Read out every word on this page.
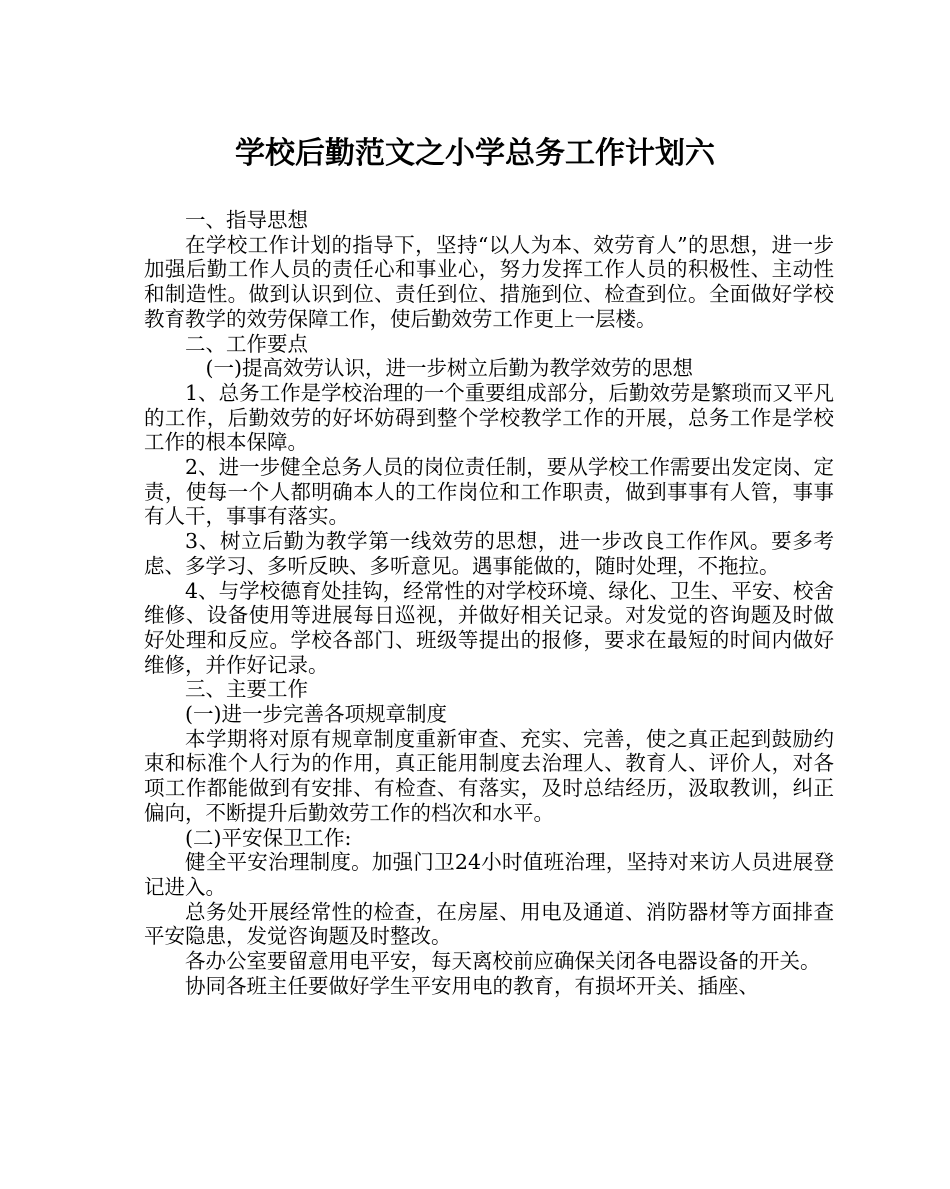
学校后勤范文之小学总务工作计划六

一、指导思想

在学校工作计划的指导下，坚持“以人为本、效劳育人”的思想，进一步加强后勤工作人员的责任心和事业心，努力发挥工作人员的积极性、主动性和制造性。做到认识到位、责任到位、措施到位、检查到位。全面做好学校教育教学的效劳保障工作，使后勤效劳工作更上一层楼。

二、工作要点

(一)提高效劳认识，进一步树立后勤为教学效劳的思想

1、总务工作是学校治理的一个重要组成部分，后勤效劳是繁琐而又平凡的工作，后勤效劳的好坏妨碍到整个学校教学工作的开展，总务工作是学校工作的根本保障。

2、进一步健全总务人员的岗位责任制，要从学校工作需要出发定岗、定责，使每一个人都明确本人的工作岗位和工作职责，做到事事有人管，事事有人干，事事有落实。

3、树立后勤为教学第一线效劳的思想，进一步改良工作作风。要多考虑、多学习、多听反映、多听意见。遇事能做的，随时处理，不拖拉。

4、与学校德育处挂钩，经常性的对学校环境、绿化、卫生、平安、校舍维修、设备使用等进展每日巡视，并做好相关记录。对发觉的咨询题及时做好处理和反应。学校各部门、班级等提出的报修，要求在最短的时间内做好维修，并作好记录。

三、主要工作

(一)进一步完善各项规章制度

本学期将对原有规章制度重新审查、充实、完善，使之真正起到鼓励约束和标准个人行为的作用，真正能用制度去治理人、教育人、评价人，对各项工作都能做到有安排、有检查、有落实，及时总结经历，汲取教训，纠正偏向，不断提升后勤效劳工作的档次和水平。

(二)平安保卫工作:

健全平安治理制度。加强门卫24小时值班治理，坚持对来访人员进展登记进入。

总务处开展经常性的检查，在房屋、用电及通道、消防器材等方面排查平安隐患，发觉咨询题及时整改。

各办公室要留意用电平安，每天离校前应确保关闭各电器设备的开关。

协同各班主任要做好学生平安用电的教育，有损坏开关、插座、
